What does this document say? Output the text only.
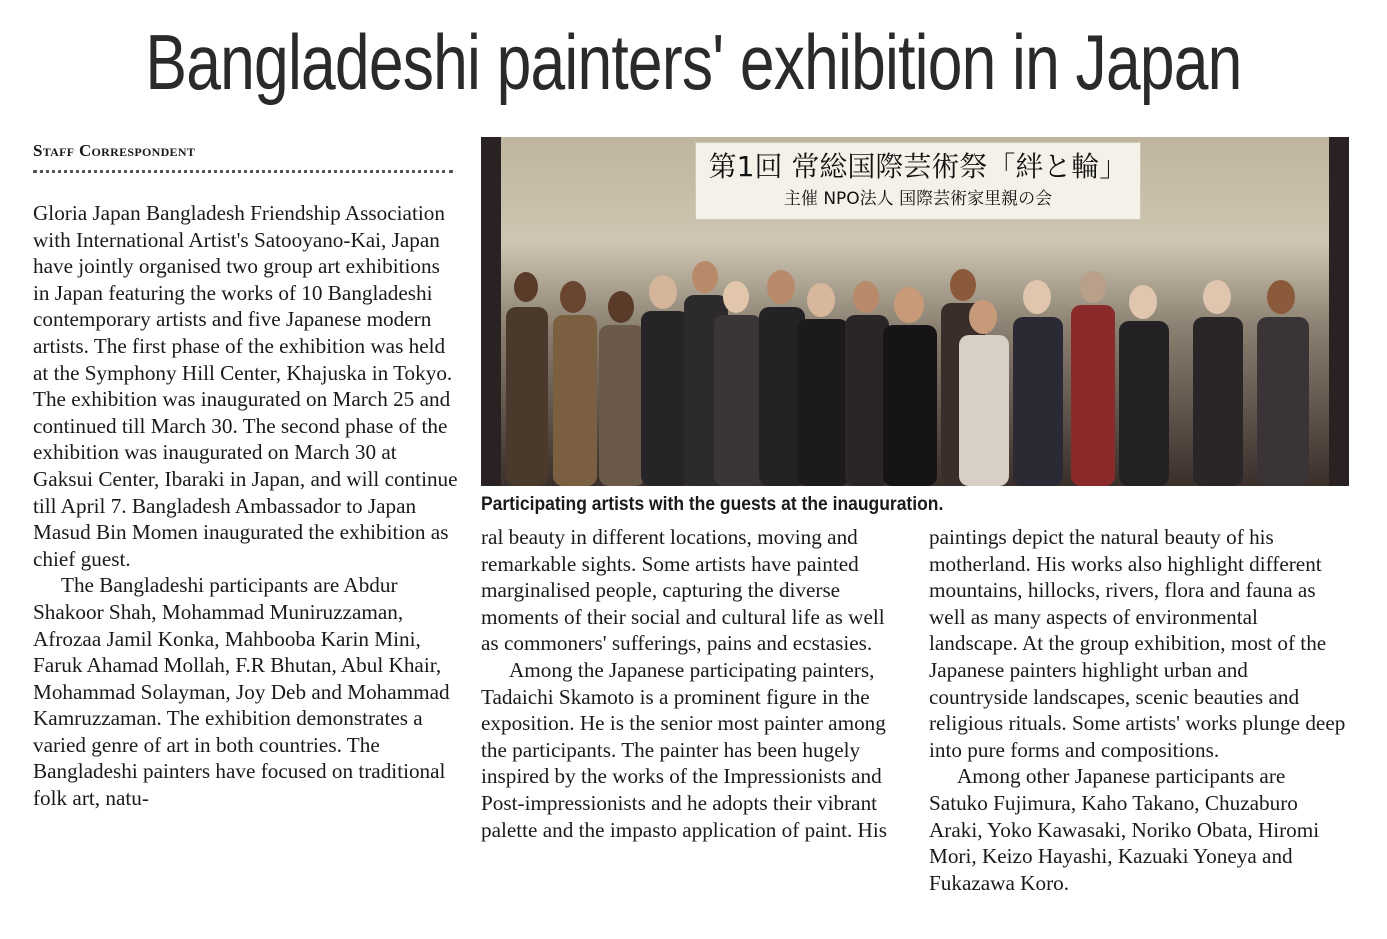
Bangladeshi painters' exhibition in Japan
Staff Correspondent

Gloria Japan Bangladesh Friendship Association with International Artist's Satooyano-Kai, Japan have jointly organised two group art exhibitions in Japan featuring the works of 10 Bangladeshi contemporary artists and five Japanese modern artists. The first phase of the exhibition was held at the Symphony Hill Center, Khajuska in Tokyo. The exhibition was inaugurated on March 25 and continued till March 30. The second phase of the exhibition was inaugurated on March 30 at Gaksui Center, Ibaraki in Japan, and will continue till April 7. Bangladesh Ambassador to Japan Masud Bin Momen inaugurated the exhibition as chief guest.

The Bangladeshi participants are Abdur Shakoor Shah, Mohammad Muniruzzaman, Afrozaa Jamil Konka, Mahbooba Karin Mini, Faruk Ahamad Mollah, F.R Bhutan, Abul Khair, Mohammad Solayman, Joy Deb and Mohammad Kamruzzaman. The exhibition demonstrates a varied genre of art in both countries. The Bangladeshi painters have focused on traditional folk art, natu-

第1回 常総国際芸術祭「絆と輪」
主催 NPO法人 国際芸術家里親の会
Participating artists with the guests at the inauguration.

ral beauty in different locations, moving and remarkable sights. Some artists have painted marginalised people, capturing the diverse moments of their social and cultural life as well as commoners' sufferings, pains and ecstasies.

Among the Japanese participating painters, Tadaichi Skamoto is a prominent figure in the exposition. He is the senior most painter among the participants. The painter has been hugely inspired by the works of the Impressionists and Post-impressionists and he adopts their vibrant palette and the impasto application of paint. His

paintings depict the natural beauty of his motherland. His works also highlight different mountains, hillocks, rivers, flora and fauna as well as many aspects of environmental landscape. At the group exhibition, most of the Japanese painters highlight urban and countryside landscapes, scenic beauties and religious rituals. Some artists' works plunge deep into pure forms and compositions.

Among other Japanese participants are Satuko Fujimura, Kaho Takano, Chuzaburo Araki, Yoko Kawasaki, Noriko Obata, Hiromi Mori, Keizo Hayashi, Kazuaki Yoneya and Fukazawa Koro.
